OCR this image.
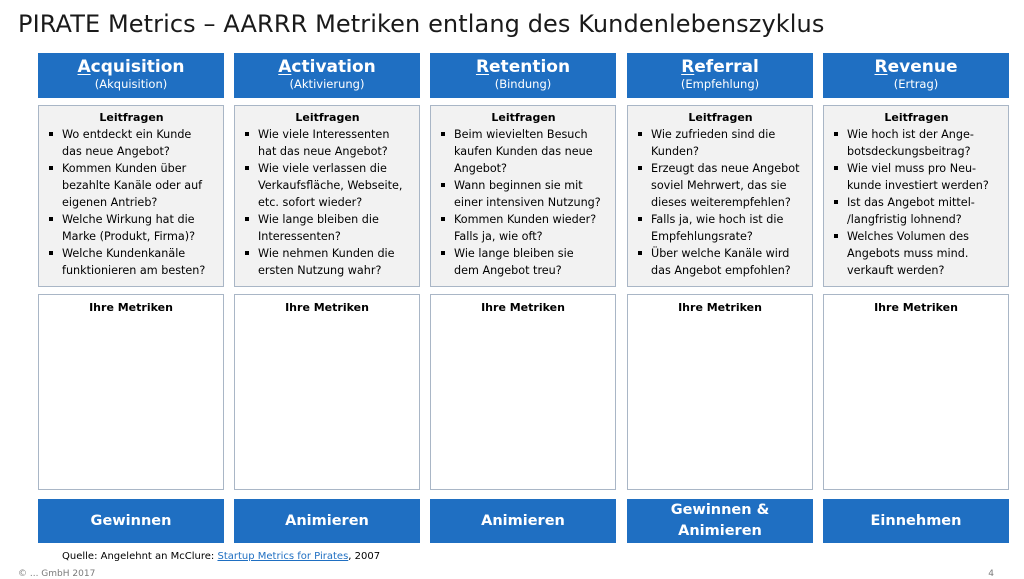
PIRATE Metrics – AARRR Metriken entlang des Kundenlebenszyklus
Acquisition
(Akquisition)
Leitfragen
Wo entdeckt ein Kunde
das neue Angebot?
Kommen Kunden über
bezahlte Kanäle oder auf
eigenen Antrieb?
Welche Wirkung hat die
Marke (Produkt, Firma)?
Welche Kundenkanäle
funktionieren am besten?
Ihre Metriken
Gewinnen
Activation
(Aktivierung)
Leitfragen
Wie viele Interessenten
hat das neue Angebot?
Wie viele verlassen die
Verkaufsfläche, Webseite,
etc. sofort wieder?
Wie lange bleiben die
Interessenten?
Wie nehmen Kunden die
ersten Nutzung wahr?
Ihre Metriken
Animieren
Retention
(Bindung)
Leitfragen
Beim wievielten Besuch
kaufen Kunden das neue
Angebot?
Wann beginnen sie mit
einer intensiven Nutzung?
Kommen Kunden wieder?
Falls ja, wie oft?
Wie lange bleiben sie
dem Angebot treu?
Ihre Metriken
Animieren
Referral
(Empfehlung)
Leitfragen
Wie zufrieden sind die
Kunden?
Erzeugt das neue Angebot
soviel Mehrwert, das sie
dieses weiterempfehlen?
Falls ja, wie hoch ist die
Empfehlungsrate?
Über welche Kanäle wird
das Angebot empfohlen?
Ihre Metriken
Gewinnen &
Animieren
Revenue
(Ertrag)
Leitfragen
Wie hoch ist der Ange-
botsdeckungsbeitrag?
Wie viel muss pro Neu-
kunde investiert werden?
Ist das Angebot mittel-
/langfristig lohnend?
Welches Volumen des
Angebots muss mind.
verkauft werden?
Ihre Metriken
Einnehmen
Quelle: Angelehnt an McClure: Startup Metrics for Pirates, 2007
© ... GmbH 2017	4
